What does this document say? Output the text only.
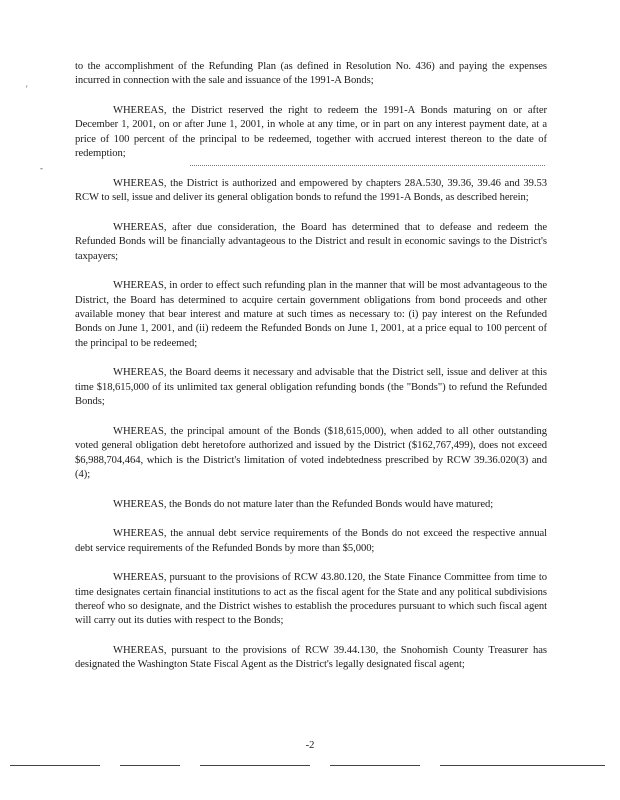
'
-

to the accomplishment of the Refunding Plan (as defined in Resolution No. 436) and paying the expenses incurred in connection with the sale and issuance of the 1991-A Bonds;

WHEREAS, the District reserved the right to redeem the 1991-A Bonds maturing on or after December 1, 2001, on or after June 1, 2001, in whole at any time, or in part on any interest payment date, at a price of 100 percent of the principal to be redeemed, together with accrued interest thereon to the date of redemption;

WHEREAS, the District is authorized and empowered by chapters 28A.530, 39.36, 39.46 and 39.53 RCW to sell, issue and deliver its general obligation bonds to refund the 1991-A Bonds, as described herein;

WHEREAS, after due consideration, the Board has determined that to defease and redeem the Refunded Bonds will be financially advantageous to the District and result in economic savings to the District's taxpayers;

WHEREAS, in order to effect such refunding plan in the manner that will be most advantageous to the District, the Board has determined to acquire certain government obligations from bond proceeds and other available money that bear interest and mature at such times as necessary to: (i) pay interest on the Refunded Bonds on June 1, 2001, and (ii) redeem the Refunded Bonds on June 1, 2001, at a price equal to 100 percent of the principal to be redeemed;

WHEREAS, the Board deems it necessary and advisable that the District sell, issue and deliver at this time $18,615,000 of its unlimited tax general obligation refunding bonds (the "Bonds") to refund the Refunded Bonds;

WHEREAS, the principal amount of the Bonds ($18,615,000), when added to all other outstanding voted general obligation debt heretofore authorized and issued by the District ($162,767,499), does not exceed $6,988,704,464, which is the District's limitation of voted indebtedness prescribed by RCW 39.36.020(3) and (4);

WHEREAS, the Bonds do not mature later than the Refunded Bonds would have matured;

WHEREAS, the annual debt service requirements of the Bonds do not exceed the respective annual debt service requirements of the Refunded Bonds by more than $5,000;

WHEREAS, pursuant to the provisions of RCW 43.80.120, the State Finance Committee from time to time designates certain financial institutions to act as the fiscal agent for the State and any political subdivisions thereof who so designate, and the District wishes to establish the procedures pursuant to which such fiscal agent will carry out its duties with respect to the Bonds;

WHEREAS, pursuant to the provisions of RCW 39.44.130, the Snohomish County Treasurer has designated the Washington State Fiscal Agent as the District's legally designated fiscal agent;

-2
